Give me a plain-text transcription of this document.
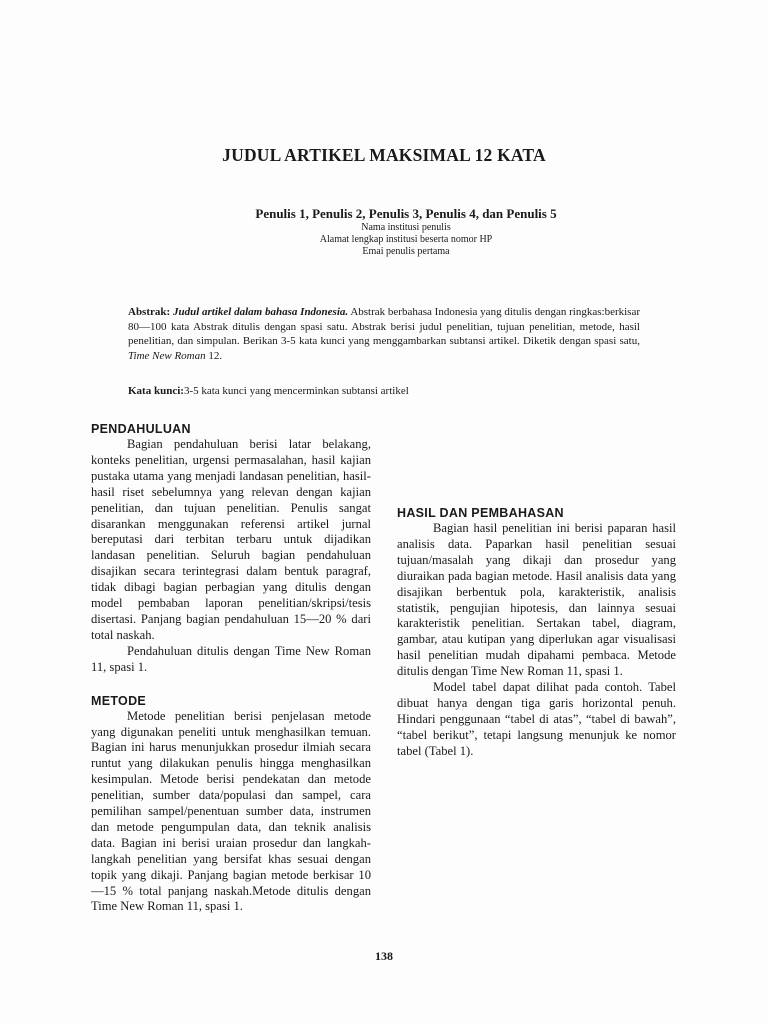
JUDUL ARTIKEL MAKSIMAL 12 KATA
Penulis 1, Penulis 2, Penulis 3, Penulis 4, dan Penulis 5
Nama institusi penulis
Alamat lengkap institusi beserta nomor HP
Emai penulis pertama
Abstrak: Judul artikel dalam bahasa Indonesia. Abstrak berbahasa Indonesia yang ditulis dengan ringkas:berkisar 80—100 kata Abstrak ditulis dengan spasi satu. Abstrak berisi judul penelitian, tujuan penelitian, metode, hasil penelitian, dan simpulan. Berikan 3-5 kata kunci yang menggambarkan subtansi artikel. Diketik dengan spasi satu, Time New Roman 12.
Kata kunci:3-5 kata kunci yang mencerminkan subtansi artikel
PENDAHULUAN

Bagian pendahuluan berisi latar belakang, konteks penelitian, urgensi permasalahan, hasil kajian pustaka utama yang menjadi landasan penelitian, hasil-hasil riset sebelumnya yang relevan dengan kajian penelitian, dan tujuan penelitian. Penulis sangat disarankan menggunakan referensi artikel jurnal bereputasi dari terbitan terbaru untuk dijadikan landasan penelitian. Seluruh bagian pendahuluan disajikan secara terintegrasi dalam bentuk paragraf, tidak dibagi bagian perbagian yang ditulis dengan model pembaban laporan penelitian/skripsi/tesis disertasi. Panjang bagian pendahuluan 15—20 % dari total naskah.

Pendahuluan ditulis dengan Time New Roman 11, spasi 1.

METODE

Metode penelitian berisi penjelasan metode yang digunakan peneliti untuk menghasilkan temuan. Bagian ini harus menunjukkan prosedur ilmiah secara runtut yang dilakukan penulis hingga menghasilkan kesimpulan. Metode berisi pendekatan dan metode penelitian, sumber data/populasi dan sampel, cara pemilihan sampel/penentuan sumber data, instrumen dan metode pengumpulan data, dan teknik analisis data. Bagian ini berisi uraian prosedur dan langkah-langkah penelitian yang bersifat khas sesuai dengan topik yang dikaji. Panjang bagian metode berkisar 10—15 % total panjang naskah.Metode ditulis dengan Time New Roman 11, spasi 1.

HASIL DAN PEMBAHASAN

Bagian hasil penelitian ini berisi paparan hasil analisis data. Paparkan hasil penelitian sesuai tujuan/masalah yang dikaji dan prosedur yang diuraikan pada bagian metode. Hasil analisis data yang disajikan berbentuk pola, karakteristik, analisis statistik, pengujian hipotesis, dan lainnya sesuai karakteristik penelitian. Sertakan tabel, diagram, gambar, atau kutipan yang diperlukan agar visualisasi hasil penelitian mudah dipahami pembaca. Metode ditulis dengan Time New Roman 11, spasi 1.

Model tabel dapat dilihat pada contoh. Tabel dibuat hanya dengan tiga garis horizontal penuh. Hindari penggunaan “tabel di atas”, “tabel di bawah”, “tabel berikut”, tetapi langsung menunjuk ke nomor tabel (Tabel 1).

138
